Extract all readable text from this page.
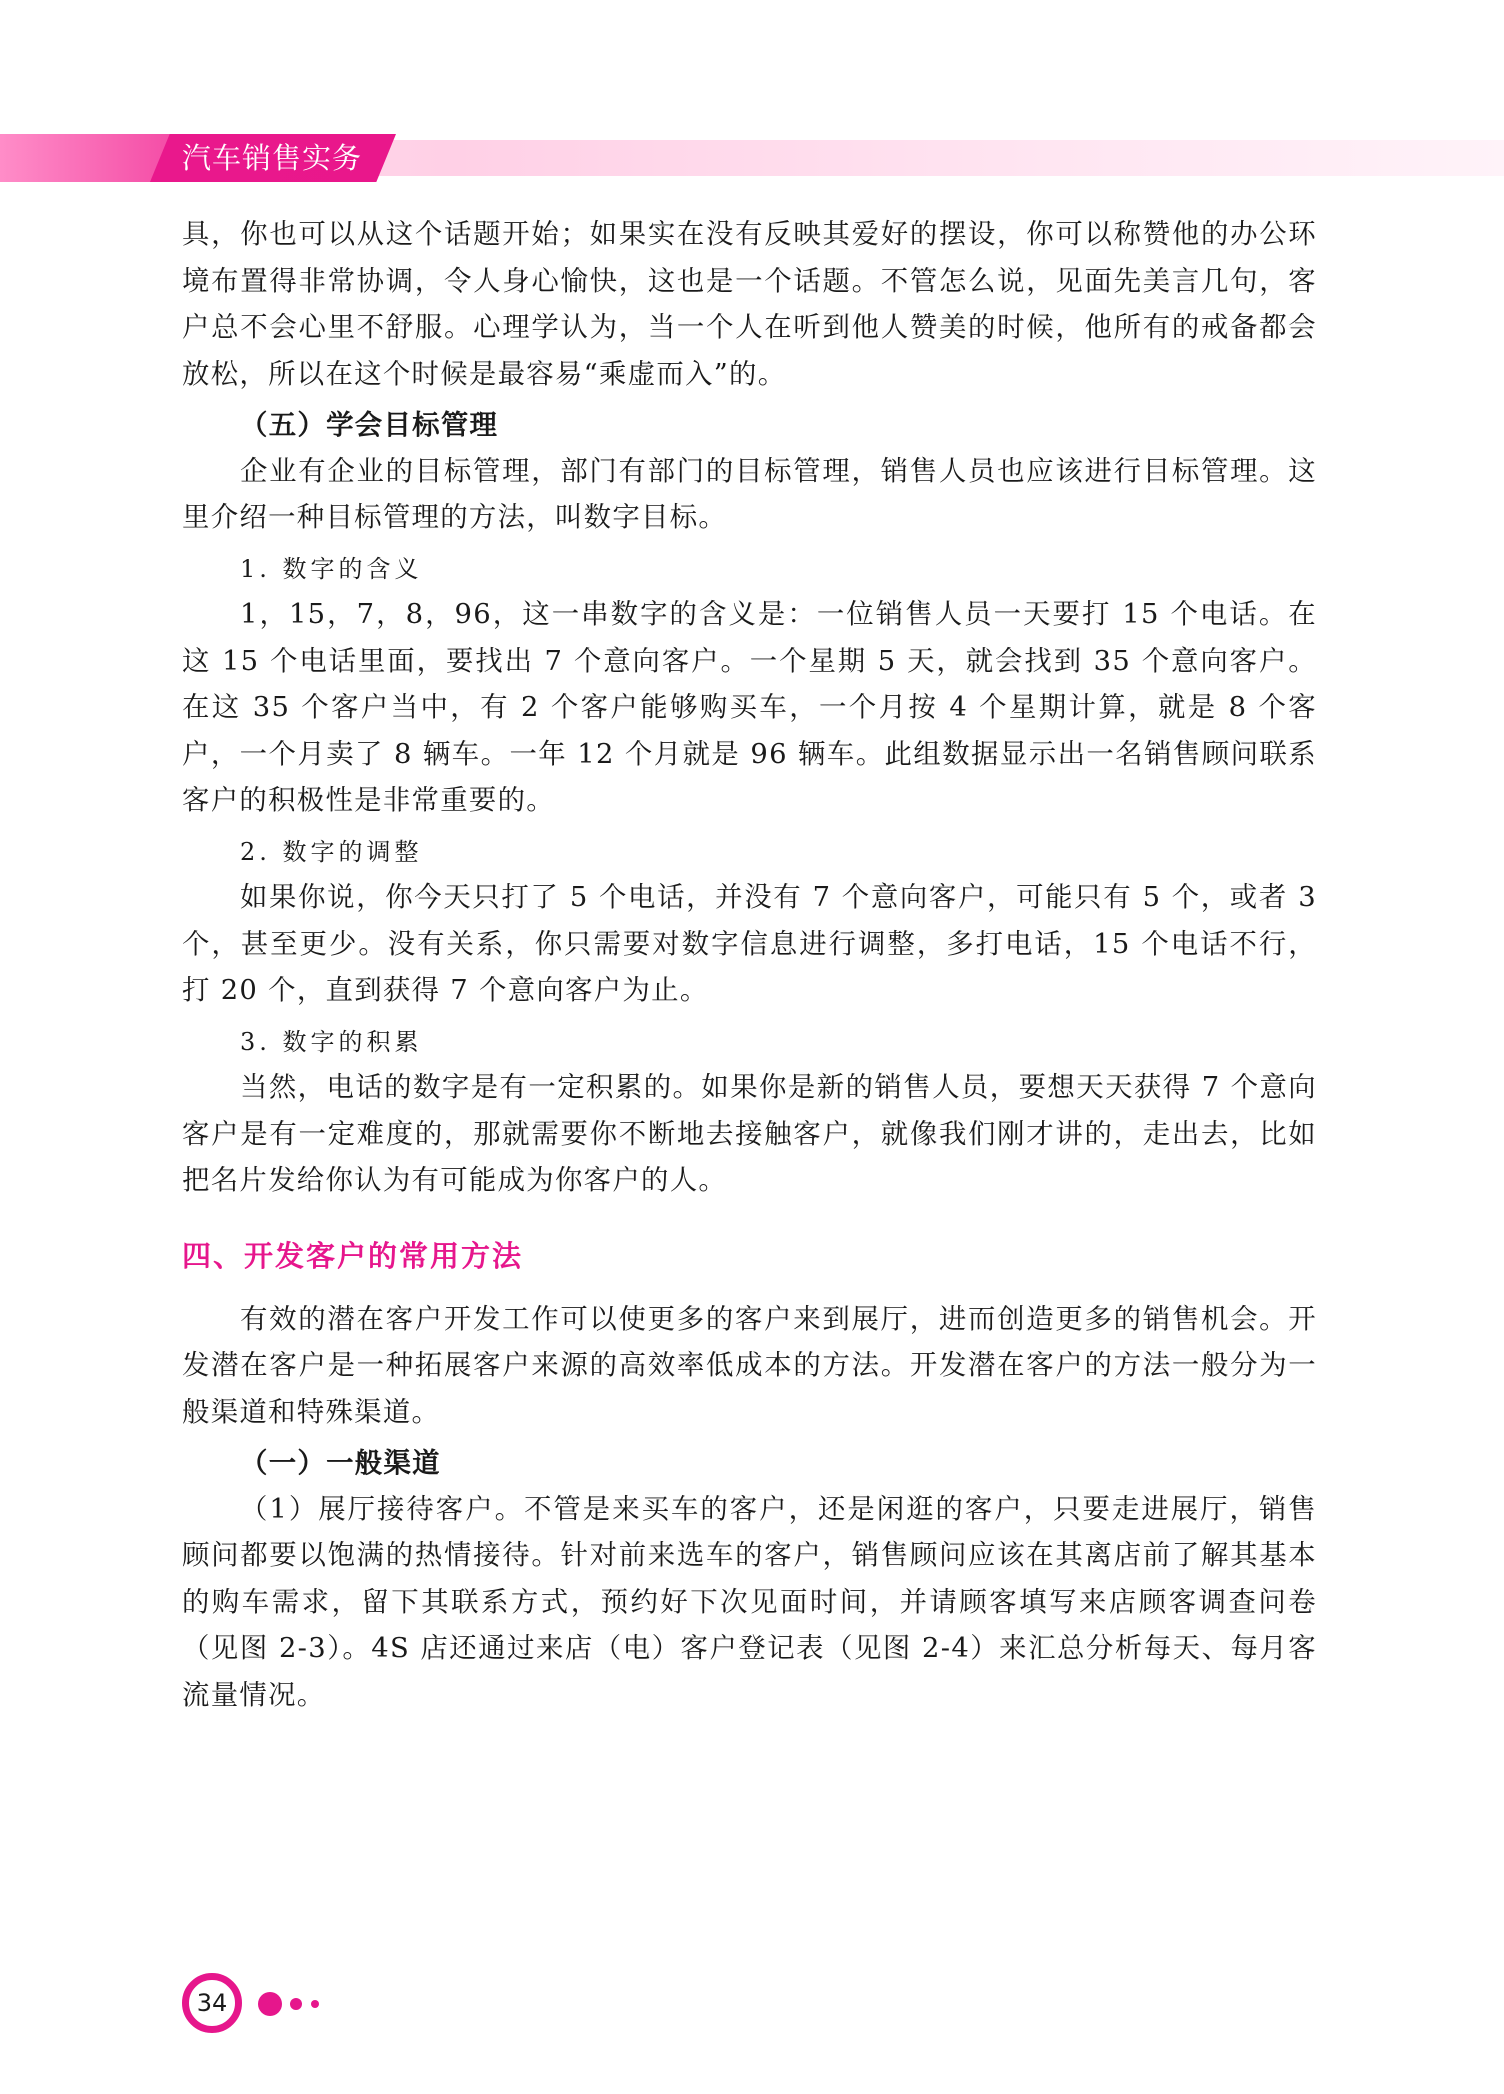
汽车销售实务

具，你也可以从这个话题开始；如果实在没有反映其爱好的摆设，你可以称赞他的办公环境布置得非常协调，令人身心愉快，这也是一个话题。不管怎么说，见面先美言几句，客户总不会心里不舒服。心理学认为，当一个人在听到他人赞美的时候，他所有的戒备都会放松，所以在这个时候是最容易“乘虚而入”的。

（五）学会目标管理

企业有企业的目标管理，部门有部门的目标管理，销售人员也应该进行目标管理。这里介绍一种目标管理的方法，叫数字目标。

1. 数字的含义

1，15，7，8，96，这一串数字的含义是：一位销售人员一天要打 15 个电话。在这 15 个电话里面，要找出 7 个意向客户。一个星期 5 天，就会找到 35 个意向客户。在这 35 个客户当中，有 2 个客户能够购买车，一个月按 4 个星期计算，就是 8 个客户，一个月卖了 8 辆车。一年 12 个月就是 96 辆车。此组数据显示出一名销售顾问联系客户的积极性是非常重要的。

2. 数字的调整

如果你说，你今天只打了 5 个电话，并没有 7 个意向客户，可能只有 5 个，或者 3 个，甚至更少。没有关系，你只需要对数字信息进行调整，多打电话，15 个电话不行，打 20 个，直到获得 7 个意向客户为止。

3. 数字的积累

当然，电话的数字是有一定积累的。如果你是新的销售人员，要想天天获得 7 个意向客户是有一定难度的，那就需要你不断地去接触客户，就像我们刚才讲的，走出去，比如把名片发给你认为有可能成为你客户的人。

四、开发客户的常用方法

有效的潜在客户开发工作可以使更多的客户来到展厅，进而创造更多的销售机会。开发潜在客户是一种拓展客户来源的高效率低成本的方法。开发潜在客户的方法一般分为一般渠道和特殊渠道。

（一）一般渠道

（1）展厅接待客户。不管是来买车的客户，还是闲逛的客户，只要走进展厅，销售顾问都要以饱满的热情接待。针对前来选车的客户，销售顾问应该在其离店前了解其基本的购车需求，留下其联系方式，预约好下次见面时间，并请顾客填写来店顾客调查问卷（见图 2-3）。4S 店还通过来店（电）客户登记表（见图 2-4）来汇总分析每天、每月客流量情况。

34
